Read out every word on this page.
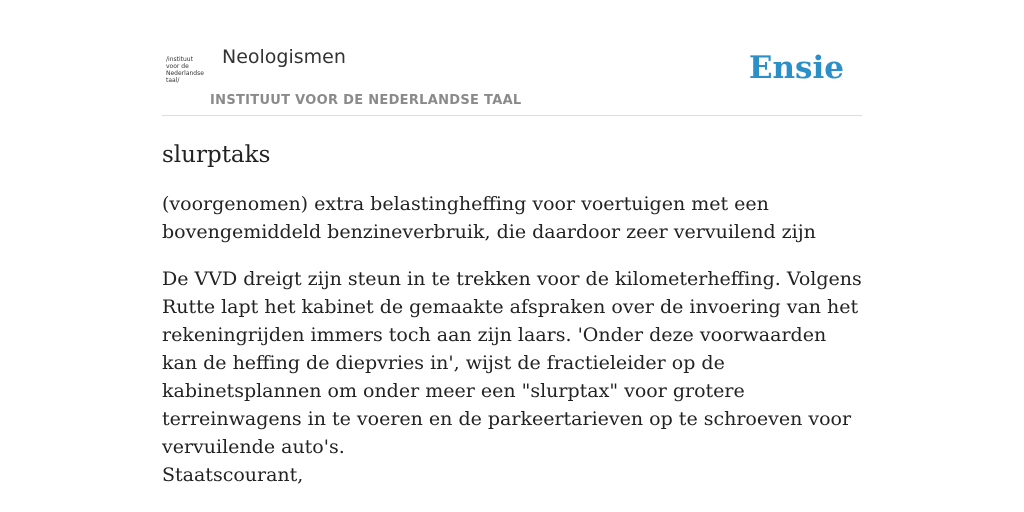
/instituut
voor de
Nederlandse
taal/
Neologismen
INSTITUUT VOOR DE NEDERLANDSE TAAL
Ensie
slurptaks

(voorgenomen) extra belastingheffing voor voertuigen met een bovengemiddeld benzineverbruik, die daardoor zeer vervuilend zijn

De VVD dreigt zijn steun in te trekken voor de kilometerheffing. Volgens Rutte lapt het kabinet de gemaakte afspraken over de invoering van het rekeningrijden immers toch aan zijn laars. 'Onder deze voorwaarden kan de heffing de diepvries in', wijst de fractieleider op de kabinetsplannen om onder meer een "slurptax" voor grotere terreinwagens in te voeren en de parkeertarieven op te schroeven voor vervuilende auto's.
Staatscourant,
